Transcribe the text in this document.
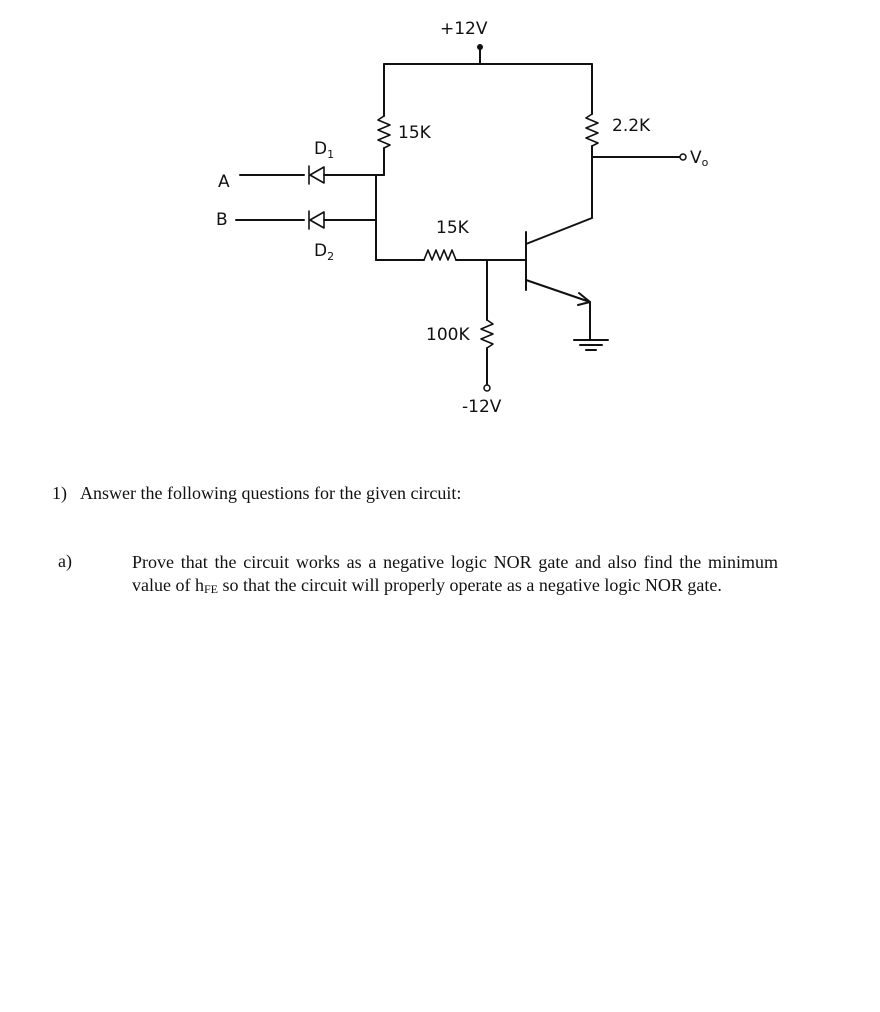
+12V
15K
A
$D_1$
B
$D_2$
15K
100K
-12V
2.2K
Vo
1) Answer the following questions for the given circuit:
a)	Prove that the circuit works as a negative logic NOR gate and also find the minimum value of hFE so that the circuit will properly operate as a negative logic NOR gate.
